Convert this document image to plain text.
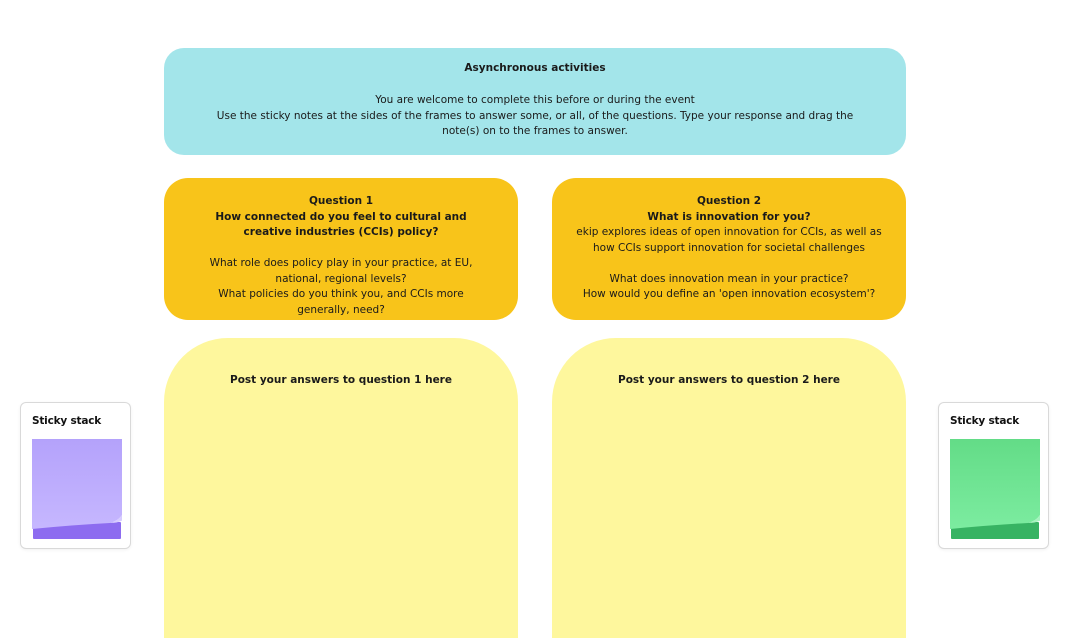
Asynchronous activities
You are welcome to complete this before or during the event
Use the sticky notes at the sides of the frames to answer some, or all, of the questions. Type your response and drag the note(s) on to the frames to answer.
Question 1
How connected do you feel to cultural and creative industries (CCIs) policy?
What role does policy play in your practice, at EU, national, regional levels?
What policies do you think you, and CCIs more generally, need?
Question 2
What is innovation for you?
ekip explores ideas of open innovation for CCIs, as well as how CCIs support innovation for societal challenges
What does innovation mean in your practice?
How would you define an 'open innovation ecosystem'?
Post your answers to question 1 here	Post your answers to question 2 here
Sticky stack	Sticky stack
